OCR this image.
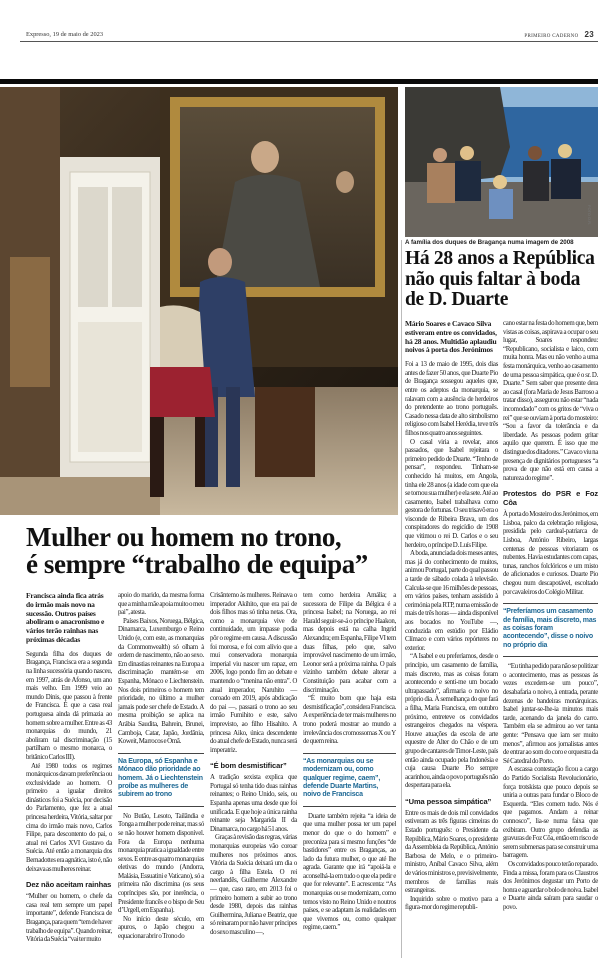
Expresso, 19 de maio de 2023	PRIMEIRO CADERNO 23
FOTO D.R.
A família dos duques de Bragança numa imagem de 2008
Há 28 anos a República não quis faltar à boda de D. Duarte
Mário Soares e Cavaco Silva estiveram entre os convidados, há 28 anos. Multidão aplaudiu noivos à porta dos Jerónimos

Foi a 13 de maio de 1995, dois dias antes de fazer 50 anos, que Duarte Pio de Bragança sossegou aqueles que, entre os adeptos da monarquia, se ralavam com a ausência de herdeiros do pretendente ao trono português. Casado nessa data de alto simbolismo religioso com Isabel Herédia, teve três filhos nos quatro anos seguintes.

O casal viria a revelar, anos passados, que Isabel rejeitara o primeiro pedido de Duarte. “Tenho de pensar”, respondeu. Tinham-se conhecido há muitos, em Angola, tinha ele 28 anos (a idade com que ela se tornou sua mulher) e ela sete. Até ao casamento, Isabel trabalhava como gestora de fortunas. O seu trisavô era o visconde de Ribeira Brava, um dos conspiradores do regicídio de 1908 que vitimou o rei D. Carlos e o seu herdeiro, o príncipe D. Luís Filipe.

A boda, anunciada dois meses antes, mas já do conhecimento de muitos, animou Portugal, parte do qual passou a tarde de sábado colada à televisão. Calcula-se que 16 milhões de pessoas, em vários países, tenham assistido à cerimónia pela RTP, numa emissão de mais de três horas — ainda disponível aos bocados no YouTube —, conduzida em estúdio por Eládio Clímaco e com vários repórteres no exterior.

“A Isabel e eu preferíamos, desde o princípio, um casamento de família, mais discreto, mas as coisas foram acontecendo e senti-me um bocado ultrapassado”, afirmaria o noivo no próprio dia. À semelhança do que fará a filha, Maria Francisca, em outubro próximo, entreteve os convidados estrangeiros chegados na véspera. Houve atuações da escola de arte equestre de Alter do Chão e de um grupo de cantares de Timor-Leste, país então ainda ocupado pela Indonésia e cuja causa Duarte Pio sempre acarinhou, ainda o povo português não despertara para ela.

“Uma pessoa simpática”

Entre os mais de dois mil convidados estiveram as três figuras cimeiras do Estado português: o Presidente da República, Mário Soares, o presidente da Assembleia da República, António Barbosa de Melo, e o primeiro-ministro, Aníbal Cavaco Silva, além de vários ministros e, previsivelmente, membros de famílias reais estrangeiras.

Inquirido sobre o motivo para a figura-mor do regime republi-

cano estar na festa do homem que, bem vistas as coisas, aspirava a ocupar o seu lugar, Soares respondeu: “Republicano, socialista e laico, com muita honra. Mas eu não venho a uma festa monárquica, venho ao casamento de uma pessoa simpática, que é o sr. D. Duarte.” Sem saber que presente dera ao casal (fora Maria de Jesus Barroso a tratar disso), assegurou não estar “nada incomodado” com os gritos de “viva o rei” que se ouviam à porta do mosteiro: “Sou a favor da tolerância e da liberdade. As pessoas podem gritar aquilo que querem. É isso que me distingue dos ditadores.” Cavaco viu na presença de dignitários portugueses “a prova de que não está em causa a natureza do regime”.

Protestos do PSR e Foz Côa

À porta do Mosteiro dos Jerónimos, em Lisboa, palco da celebração religiosa, presidida pelo cardeal-patriarca de Lisboa, António Ribeiro, largas centenas de pessoas vitoriaram os nubentes. Havia estudantes com capas, tunas, ranchos folclóricos e um misto de aficionados e curiosos. Duarte Pio chegou num descapotável, escoltado por cavaleiros do Colégio Militar.

“Preferíamos um casamento de família, mais discreto, mas as coisas foram acontecendo”, disse o noivo no próprio dia

“Eu tinha pedido para não se politizar o acontecimento, mas as pessoas às vezes excedem-se um pouco”, desabafaria o noivo, à entrada, perante dezenas de bandeiras monárquicas. Isabel juntar-se-lhe-ia minutos mais tarde, acenando da janela do carro. Também ela se admirou ao ver tanta gente: “Pensava que iam ser muito menos”, afirmou aos jornalistas antes de entrar ao som do coro e orquestra da Sé Catedral do Porto.

A escassa contestação ficou a cargo do Partido Socialista Revolucionário, força trotskista que pouco depois se uniria a outras para fundar o Bloco de Esquerda. “Eles comem tudo. Nós é que pagamos. Andam a reinar connosco”, lia-se numa faixa que exibiram. Outro grupo defendia as gravuras de Foz Côa, então em risco de serem submersas para se construir uma barragem.

Os convidados pouco terão reparado. Finda a missa, foram para os Claustros dos Jerónimos degustar um Porto de honra e aguardar o bolo de noiva. Isabel e Duarte ainda saíram para saudar o povo.

Mulher ou homem no trono,
é sempre “trabalho de equipa”
Francisca ainda fica atrás do irmão mais novo na sucessão. Outros países aboliram o anacronismo e vários terão rainhas nas próximas décadas

Segunda filha dos duques de Bragança, Francisca era a segunda na linha sucessória quando nasceu, em 1997, atrás de Afonso, um ano mais velho. Em 1999 veio ao mundo Dinis, que passou à frente de Francisca. É que a casa real portuguesa ainda dá primazia ao homem sobre a mulher. Entre as 43 monarquias do mundo, 21 aboliram tal discriminação (15 partilham o mesmo monarca, o britânico Carlos III).

Até 1980 todos os regimes monárquicos davam preferência ou exclusividade ao homem. O primeiro a igualar direitos dinásticos foi a Suécia, por decisão do Parlamento, que fez a atual princesa herdeira, Vitória, saltar por cima do irmão mais novo, Carlos Filipe, para descontento do pai, o atual rei Carlos XVI Gustavo da Suécia. Até então a monarquia dos Bernadottes era agnática, isto é, não deixava as mulheres reinar.

Dez não aceitam rainhas

“Mulher ou homem, o chefe da casa real tem sempre um papel importante”, defende Francisca de Bragança, para quem “tem de haver trabalho de equipa”. Quando reinar, Vitória da Suécia “vai ter muito

apoio do marido, da mesma forma que a minha mãe apoia muito o meu pai”, atesta.

Países Baixos, Noruega, Bélgica, Dinamarca, Luxemburgo e Reino Unido (e, com este, as monarquias da Commonwealth) só olham à ordem de nascimento, não ao sexo. Em dinastias reinantes na Europa a discriminação mantém-se em Espanha, Mónaco e Liechtenstein. Nos dois primeiros o homem tem prioridade, no último a mulher jamais pode ser chefe de Estado. A mesma proibição se aplica na Arábia Saudita, Bahrein, Brunei, Camboja, Catar, Japão, Jordânia, Koweit, Marrocos e Omã.

Na Europa, só Espanha e Mónaco dão prioridade ao homem. Já o Liechtenstein proíbe as mulheres de subirem ao trono

No Butão, Lesoto, Tailândia e Tonga a mulher pode reinar, mas só se não houver homem disponível. Fora da Europa nenhuma monarquia pratica a igualdade entre sexos. E entre as quatro monarquias eletivas do mundo (Andorra, Malásia, Essuatini e Vaticano), só a primeira não discrimina (os seus copríncipes são, por inerência, o Presidente francês e o bispo de Seu d’Urgell, em Espanha).

No início deste século, em apuros, o Japão chegou a equacionar abrir o Trono do

Crisântemo às mulheres. Reinava o imperador Akihito, que era pai de dois filhos mas só tinha netas. Ora, como a monarquia vive de continuidade, um impasse podia pôr o regime em causa. A discussão foi morosa, e foi com alívio que a mui conservadora monarquia imperial viu nascer um rapaz, em 2006, logo pondo fim ao debate e mantendo o “menina não entra”. O atual imperador, Naruhito — coroado em 2019, após abdicação do pai —, passará o trono ao seu irmão Fumihito e este, salvo imprevisto, ao filho Hisahito. A princesa Aiko, única descendente do atual chefe de Estado, nunca será imperatriz.

“É bom desmistificar”

A tradição sexista explica que Portugal só tenha tido duas rainhas reinantes; o Reino Unido, seis, ou Espanha apenas uma desde que foi unificada. E que hoje a única rainha reinante seja Margarida II da Dinamarca, no cargo há 51 anos.

Graças à revisão das regras, várias monarquias europeias vão coroar mulheres nos próximos anos. Vitória da Suécia deixará um dia o cargo à filha Estela. O rei neerlandês, Guilherme Alexandre — que, caso raro, em 2013 foi o primeiro homem a subir ao trono desde 1980, depois das rainhas Guilhermina, Juliana e Beatriz, que só reinaram por não haver príncipes do sexo masculino —,

tem como herdeira Amália; a sucessora de Filipe da Bélgica é a princesa Isabel; na Noruega, ao rei Harald seguir-se-á o príncipe Haakon, mas depois está na calha Ingrid Alexandra; em Espanha, Filipe VI tem duas filhas, pelo que, salvo improvável nascimento de um irmão, Leonor será a próxima rainha. O país vizinho também debate alterar a Constituição para acabar com a discriminação.

“É muito bom que haja esta desmistificação”, considera Francisca. A experiência de ter mais mulheres no trono poderá mostrar ao mundo a irrelevância dos cromossomas X ou Y de quem reina.

“As monarquias ou se modernizam ou, como qualquer regime, caem”, defende Duarte Martins, noivo de Francisca

Duarte também rejeita “a ideia de que uma mulher possa ter um papel menor do que o do homem” e preconiza para si mesmo funções “de bastidores” entre os Braganças, ao lado da futura mulher, o que até lhe agrada. Garante que irá “apoiá-la e aconselhá-la em tudo o que ela pedir e que for relevante”. E acrescenta: “As monarquias ou se modernizam, como temos visto no Reino Unido e noutros países, e se adaptam às realidades em que vivemos ou, como qualquer regime, caem.”
